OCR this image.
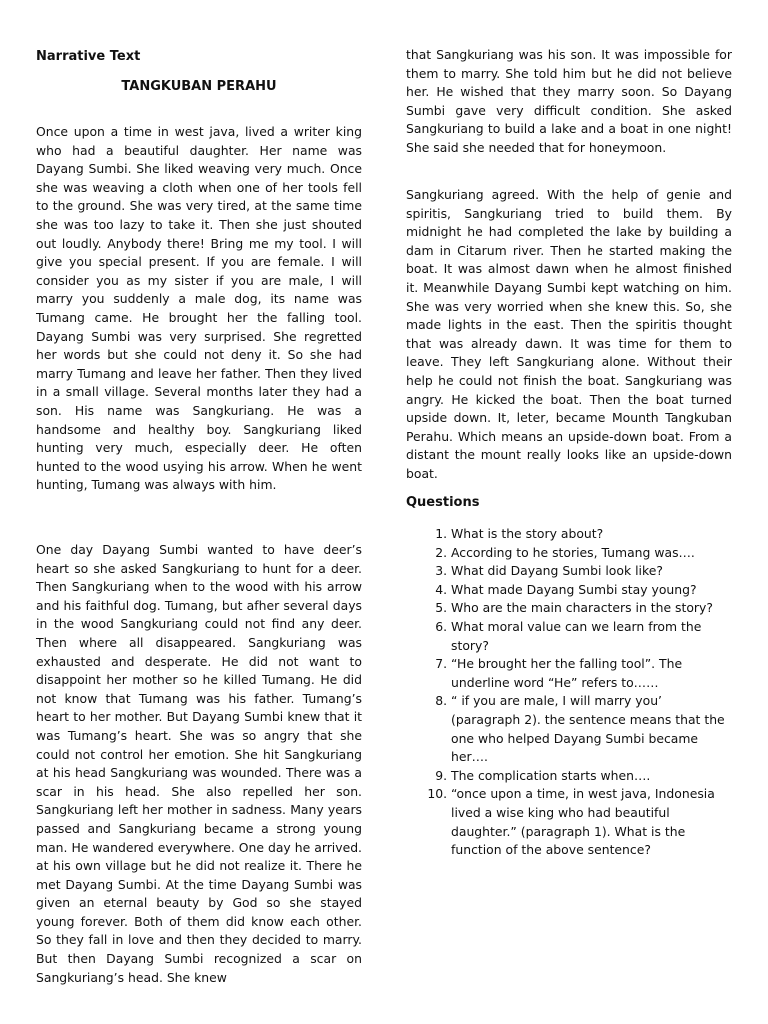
Narrative Text
TANGKUBAN PERAHU

Once upon a time in west java, lived a writer king who had a beautiful daughter. Her name was Dayang Sumbi. She liked weaving very much. Once she was weaving a cloth when one of her tools fell to the ground. She was very tired, at the same time she was too lazy to take it. Then she just shouted out loudly. Anybody there! Bring me my tool. I will give you special present. If you are female. I will consider you as my sister if you are male, I will marry you suddenly a male dog, its name was Tumang came. He brought her the falling tool. Dayang Sumbi was very surprised. She regretted her words but she could not deny it. So she had marry Tumang and leave her father. Then they lived in a small village. Several months later they had a son. His name was Sangkuriang. He was a handsome and healthy boy. Sangkuriang liked hunting very much, especially deer. He often hunted to the wood usying his arrow. When he went hunting, Tumang was always with him.

One day Dayang Sumbi wanted to have deer’s heart so she asked Sangkuriang to hunt for a deer. Then Sangkuriang when to the wood with his arrow and his faithful dog. Tumang, but afher several days in the wood Sangkuriang could not find any deer. Then where all disappeared. Sangkuriang was exhausted and desperate. He did not want to disappoint her mother so he killed Tumang. He did not know that Tumang was his father. Tumang’s heart to her mother. But Dayang Sumbi knew that it was Tumang’s heart. She was so angry that she could not control her emotion. She hit Sangkuriang at his head Sangkuriang was wounded. There was a scar in his head. She also repelled her son. Sangkuriang left her mother in sadness. Many years passed and Sangkuriang became a strong young man. He wandered everywhere. One day he arrived. at his own village but he did not realize it. There he met Dayang Sumbi. At the time Dayang Sumbi was given an eternal beauty by God so she stayed young forever. Both of them did know each other. So they fall in love and then they decided to marry. But then Dayang Sumbi recognized a scar on Sangkuriang’s head. She knew

that Sangkuriang was his son. It was impossible for them to marry. She told him but he did not believe her. He wished that they marry soon. So Dayang Sumbi gave very difficult condition. She asked Sangkuriang to build a lake and a boat in one night! She said she needed that for honeymoon.

Sangkuriang agreed. With the help of genie and spiritis, Sangkuriang tried to build them. By midnight he had completed the lake by building a dam in Citarum river. Then he started making the boat. It was almost dawn when he almost finished it. Meanwhile Dayang Sumbi kept watching on him. She was very worried when she knew this. So, she made lights in the east. Then the spiritis thought that was already dawn. It was time for them to leave. They left Sangkuriang alone. Without their help he could not finish the boat. Sangkuriang was angry. He kicked the boat. Then the boat turned upside down. It, leter, became Mounth Tangkuban Perahu. Which means an upside-down boat. From a distant the mount really looks like an upside-down boat.

Questions
1. What is the story about?
2. According to he stories, Tumang was….
3. What did Dayang Sumbi look like?
4. What made Dayang Sumbi stay young?
5. Who are the main characters in the story?
6. What moral value can we learn from the story?
7. “He brought her the falling tool”. The underline word “He” refers to……
8. “ if you are male, I will marry you’ (paragraph 2). the sentence means that the one who helped Dayang Sumbi became her….
9. The complication starts when….
10. “once upon a time, in west java, Indonesia lived a wise king who had beautiful daughter.” (paragraph 1). What is the function of the above sentence?
